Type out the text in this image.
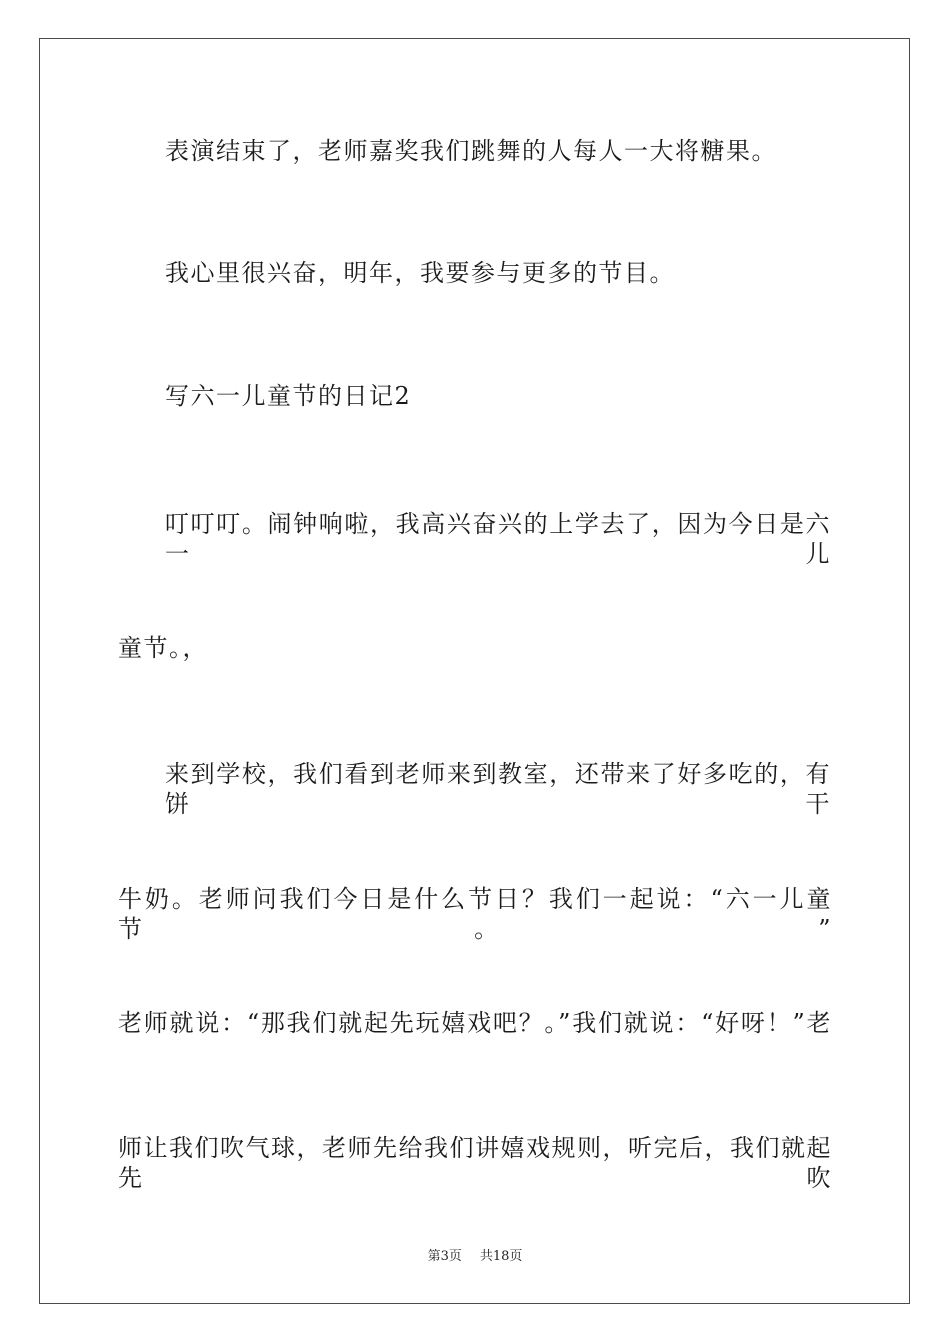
表演结束了，老师嘉奖我们跳舞的人每人一大将糖果。
我心里很兴奋，明年，我要参与更多的节目。
写六一儿童节的日记2
叮叮叮。闹钟响啦，我高兴奋兴的上学去了，因为今日是六一儿
童节。，
来到学校，我们看到老师来到教室，还带来了好多吃的，有饼干
牛奶。老师问我们今日是什么节日？我们一起说：“六一儿童节。”
老师就说：“那我们就起先玩嬉戏吧？。”我们就说：“好呀！”老
师让我们吹气球，老师先给我们讲嬉戏规则，听完后，我们就起先吹
第3页 共18页
